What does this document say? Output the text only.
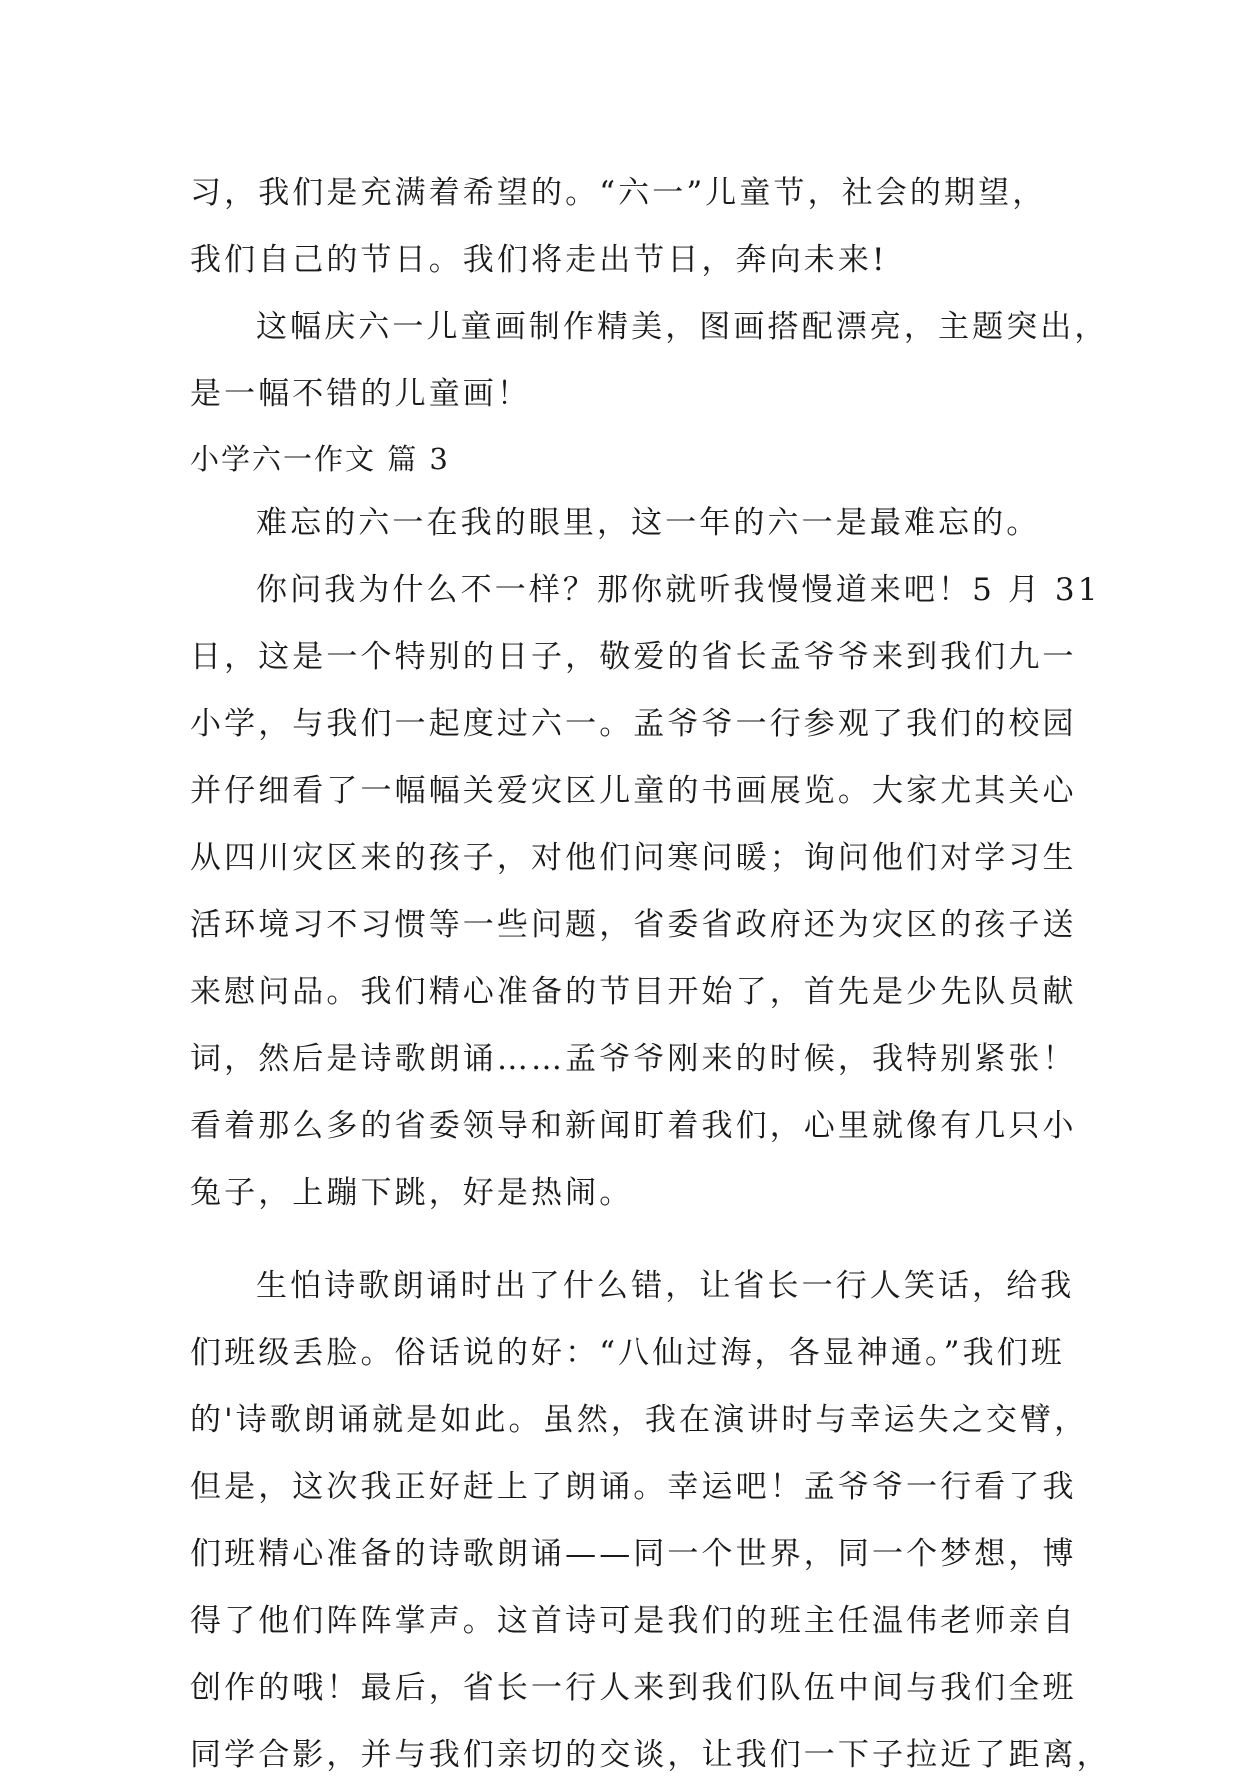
习，我们是充满着希望的。“六一”儿童节，社会的期望，
我们自己的节日。我们将走出节日，奔向未来!
这幅庆六一儿童画制作精美，图画搭配漂亮，主题突出，
是一幅不错的儿童画！
小学六一作文 篇 3
难忘的六一在我的眼里，这一年的六一是最难忘的。
你问我为什么不一样？那你就听我慢慢道来吧！5 月 31
日，这是一个特别的日子，敬爱的省长孟爷爷来到我们九一
小学，与我们一起度过六一。孟爷爷一行参观了我们的校园
并仔细看了一幅幅关爱灾区儿童的书画展览。大家尤其关心
从四川灾区来的孩子，对他们问寒问暖；询问他们对学习生
活环境习不习惯等一些问题，省委省政府还为灾区的孩子送
来慰问品。我们精心准备的节目开始了，首先是少先队员献
词，然后是诗歌朗诵……孟爷爷刚来的时候，我特别紧张！
看着那么多的省委领导和新闻盯着我们，心里就像有几只小
兔子，上蹦下跳，好是热闹。
生怕诗歌朗诵时出了什么错，让省长一行人笑话，给我
们班级丢脸。俗话说的好：“八仙过海，各显神通。”我们班
的'诗歌朗诵就是如此。虽然，我在演讲时与幸运失之交臂，
但是，这次我正好赶上了朗诵。幸运吧！孟爷爷一行看了我
们班精心准备的诗歌朗诵——同一个世界，同一个梦想，博
得了他们阵阵掌声。这首诗可是我们的班主任温伟老师亲自
创作的哦！最后，省长一行人来到我们队伍中间与我们全班
同学合影，并与我们亲切的交谈，让我们一下子拉近了距离，
